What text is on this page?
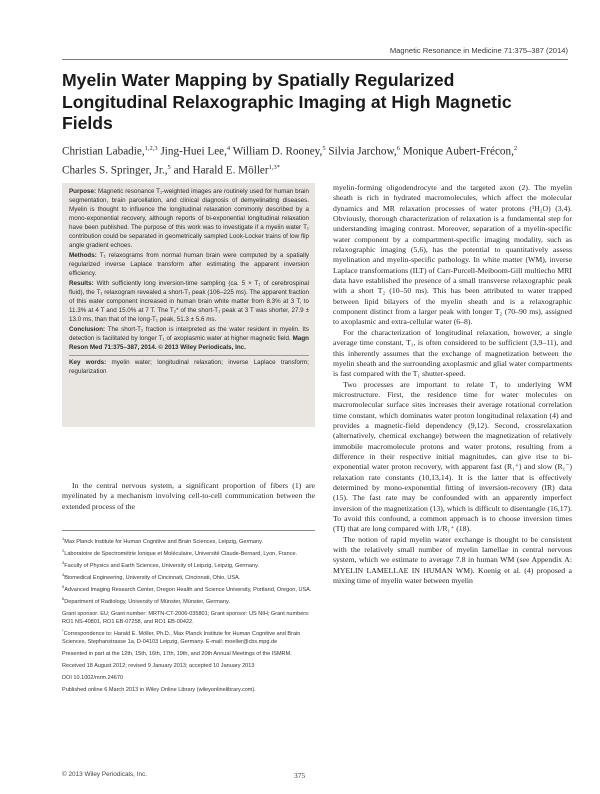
Magnetic Resonance in Medicine 71:375–387 (2014)
Myelin Water Mapping by Spatially Regularized Longitudinal Relaxographic Imaging at High Magnetic Fields
Christian Labadie,$^{1,2,3}$ Jing-Huei Lee,$^4$ William D. Rooney,$^5$ Silvia Jarchow,$^6$ Monique Aubert-Frécon,$^2$ Charles S. Springer, Jr.,$^5$ and Harald E. Möller$^{1,3*}$

Purpose: Magnetic resonance T₁-weighted images are routinely used for human brain segmentation, brain parcellation, and clinical diagnosis of demyelinating diseases. Myelin is thought to influence the longitudinal relaxation commonly described by a mono-exponential recovery, although reports of bi-exponential longitudinal relaxation have been published. The purpose of this work was to investigate if a myelin water T₁ contribution could be separated in geometrically sampled Look-Locker trains of low flip angle gradient echoes.

Methods: T₁ relaxograms from normal human brain were computed by a spatially regularized inverse Laplace transform after estimating the apparent inversion efficiency.

Results: With sufficiently long inversion-time sampling (ca. 5 × T₁ of cerebrospinal fluid), the T₁ relaxogram revealed a short-T₁ peak (106–225 ms). The apparent fraction of this water component increased in human brain white matter from 8.3% at 3 T, to 11.3% at 4 T and 15.0% at 7 T. The T₂* of the short-T₁ peak at 3 T was shorter, 27.9 ± 13.0 ms, than that of the long-T₁ peak, 51.3 ± 5.6 ms.

Conclusion: The short-T₁ fraction is interpreted as the water resident in myelin. Its detection is facilitated by longer T₁ of axoplasmic water at higher magnetic field. Magn Reson Med 71:375–387, 2014. © 2013 Wiley Periodicals, Inc.

Key words: myelin water; longitudinal relaxation; inverse Laplace transform; regularization

In the central nervous system, a significant proportion of fibers (1) are myelinated by a mechanism involving cell-to-cell communication between the extended process of the

$^1$Max Planck Institute for Human Cognitive and Brain Sciences, Leipzig, Germany.

$^2$Laboratoire de Spectrométrie Ionique et Moléculaire, Université Claude-Bernard, Lyon, France.

$^3$Faculty of Physics and Earth Sciences, University of Leipzig, Leipzig, Germany.

$^4$Biomedical Engineering, University of Cincinnati, Cincinnati, Ohio, USA.

$^5$Advanced Imaging Research Center, Oregon Health and Science University, Portland, Oregon, USA.

$^6$Department of Radiology, University of Münster, Münster, Germany.

Grant sponsor: EU; Grant number: MRTN-CT-2006-035801; Grant sponsor: US NIH; Grant numbers: RO1 NS-40801, RO1 EB-07258, and RO1 EB-00422.

*Correspondence to: Harald E. Möller, Ph.D., Max Planck Institute for Human Cognitive and Brain Sciences, Stephanstrasse 1a, D-04103 Leipzig, Germany. E-mail: moeller@cbs.mpg.de

Presented in part at the 12th, 15th, 16th, 17th, 19th, and 20th Annual Meetings of the ISMRM.

Received 18 August 2012; revised 9 January 2013; accepted 10 January 2013

DOI 10.1002/mrm.24670

Published online 6 March 2013 in Wiley Online Library (wileyonlinelibrary.com).

myelin-forming oligodendrocyte and the targeted axon (2). The myelin sheath is rich in hydrated macromolecules, which affect the molecular dynamics and MR relaxation processes of water protons (¹H₂O) (3,4). Obviously, thorough characterization of relaxation is a fundamental step for understanding imaging contrast. Moreover, separation of a myelin-specific water component by a compartment-specific imaging modality, such as relaxographic imaging (5,6), has the potential to quantitatively assess myelination and myelin-specific pathology. In white matter (WM), inverse Laplace transformations (ILT) of Carr-Purcell-Meiboom-Gill multiecho MRI data have established the presence of a small transverse relaxographic peak with a short T₂ (10–50 ms). This has been attributed to water trapped between lipid bilayers of the myelin sheath and is a relaxographic component distinct from a larger peak with longer T₂ (70–90 ms), assigned to axoplasmic and extra-cellular water (6–8).

For the characterization of longitudinal relaxation, however, a single average time constant, T₁, is often considered to be sufficient (3,9–11), and this inherently assumes that the exchange of magnetization between the myelin sheath and the surrounding axoplasmic and glial water compartments is fast compared with the T₁ shutter-speed.

Two processes are important to relate T₁ to underlying WM microstructure. First, the residence time for water molecules on macromolecular surface sites increases their average rotational correlation time constant, which dominates water proton longitudinal relaxation (4) and provides a magnetic-field dependency (9,12). Second, crossrelaxation (alternatively, chemical exchange) between the magnetization of relatively immobile macromolecule protons and water protons, resulting from a difference in their respective initial magnitudes, can give rise to bi-exponential water proton recovery, with apparent fast (R₁⁺) and slow (R₁⁻) relaxation rate constants (10,13,14). It is the latter that is effectively determined by mono-exponential fitting of inversion-recovery (IR) data (15). The fast rate may be confounded with an apparently imperfect inversion of the magnetization (13), which is difficult to disentangle (16,17). To avoid this confound, a common approach is to choose inversion times (TI) that are long compared with 1/R₁⁺ (18).

The notion of rapid myelin water exchange is thought to be consistent with the relatively small number of myelin lamellae in central nervous system, which we estimate to average 7.8 in human WM (see Appendix A: MYELIN LAMELLAE IN HUMAN WM). Koenig et al. (4) proposed a mixing time of myelin water between myelin

© 2013 Wiley Periodicals, Inc.	375
